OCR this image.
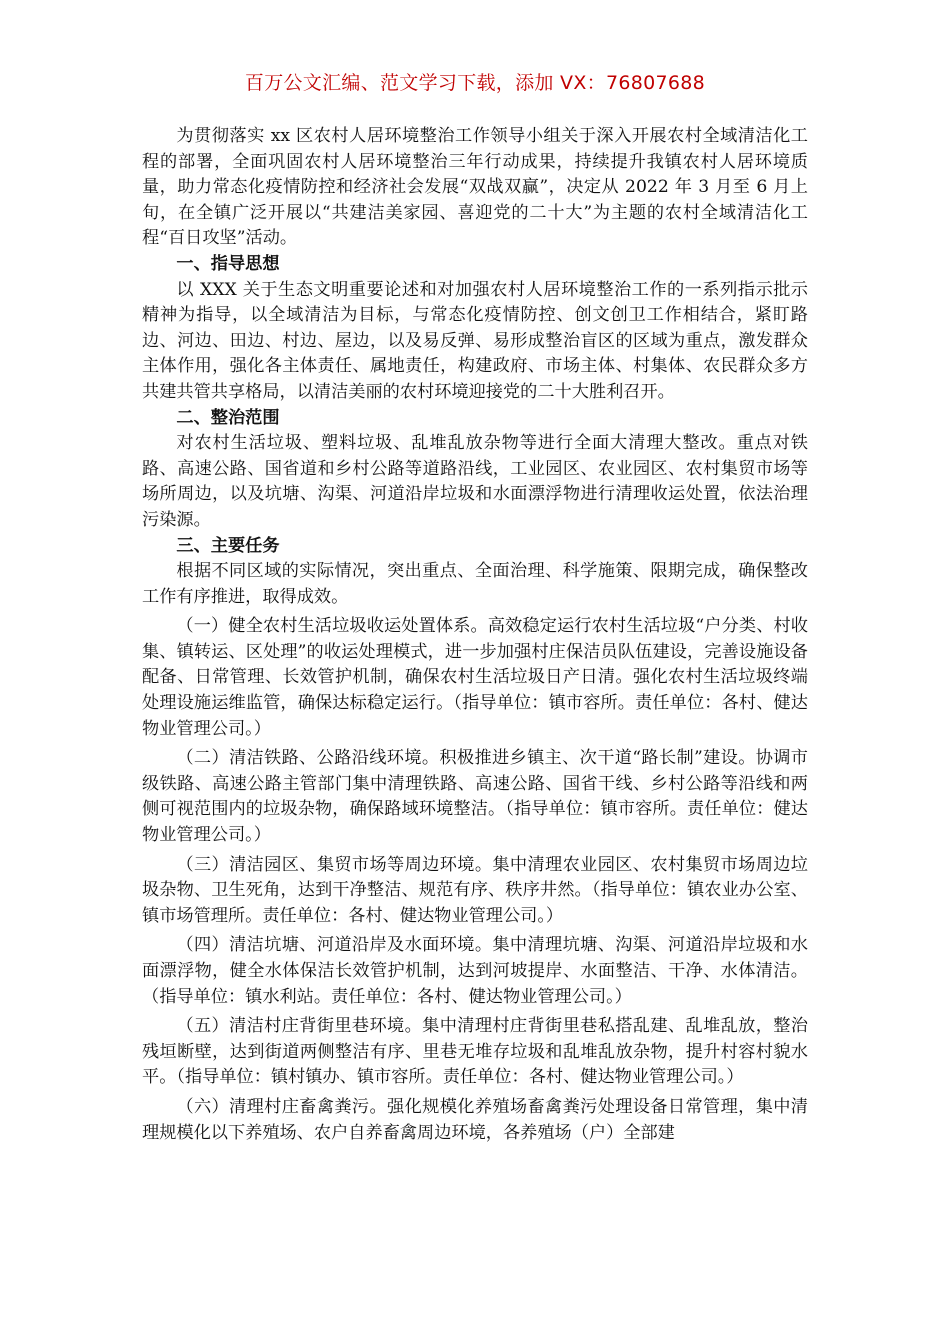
百万公文汇编、范文学习下载，添加 VX：76807688

为贯彻落实 xx 区农村人居环境整治工作领导小组关于深入开展农村全域清洁化工程的部署，全面巩固农村人居环境整治三年行动成果，持续提升我镇农村人居环境质量，助力常态化疫情防控和经济社会发展“双战双赢”，决定从 2022 年 3 月至 6 月上旬，在全镇广泛开展以“共建洁美家园、喜迎党的二十大”为主题的农村全域清洁化工程“百日攻坚”活动。

一、指导思想

以 XXX 关于生态文明重要论述和对加强农村人居环境整治工作的一系列指示批示精神为指导，以全域清洁为目标，与常态化疫情防控、创文创卫工作相结合，紧盯路边、河边、田边、村边、屋边，以及易反弹、易形成整治盲区的区域为重点，激发群众主体作用，强化各主体责任、属地责任，构建政府、市场主体、村集体、农民群众多方共建共管共享格局，以清洁美丽的农村环境迎接党的二十大胜利召开。

二、整治范围

对农村生活垃圾、塑料垃圾、乱堆乱放杂物等进行全面大清理大整改。重点对铁路、高速公路、国省道和乡村公路等道路沿线，工业园区、农业园区、农村集贸市场等场所周边，以及坑塘、沟渠、河道沿岸垃圾和水面漂浮物进行清理收运处置，依法治理污染源。

三、主要任务

根据不同区域的实际情况，突出重点、全面治理、科学施策、限期完成，确保整改工作有序推进，取得成效。

（一）健全农村生活垃圾收运处置体系。高效稳定运行农村生活垃圾“户分类、村收集、镇转运、区处理”的收运处理模式，进一步加强村庄保洁员队伍建设，完善设施设备配备、日常管理、长效管护机制，确保农村生活垃圾日产日清。强化农村生活垃圾终端处理设施运维监管，确保达标稳定运行。（指导单位：镇市容所。责任单位：各村、健达物业管理公司。）

（二）清洁铁路、公路沿线环境。积极推进乡镇主、次干道“路长制”建设。协调市级铁路、高速公路主管部门集中清理铁路、高速公路、国省干线、乡村公路等沿线和两侧可视范围内的垃圾杂物，确保路域环境整洁。（指导单位：镇市容所。责任单位：健达物业管理公司。）

（三）清洁园区、集贸市场等周边环境。集中清理农业园区、农村集贸市场周边垃圾杂物、卫生死角，达到干净整洁、规范有序、秩序井然。（指导单位：镇农业办公室、镇市场管理所。责任单位：各村、健达物业管理公司。）

（四）清洁坑塘、河道沿岸及水面环境。集中清理坑塘、沟渠、河道沿岸垃圾和水面漂浮物，健全水体保洁长效管护机制，达到河坡提岸、水面整洁、干净、水体清洁。（指导单位：镇水利站。责任单位：各村、健达物业管理公司。）

（五）清洁村庄背街里巷环境。集中清理村庄背街里巷私搭乱建、乱堆乱放，整治残垣断壁，达到街道两侧整洁有序、里巷无堆存垃圾和乱堆乱放杂物，提升村容村貌水平。（指导单位：镇村镇办、镇市容所。责任单位：各村、健达物业管理公司。）

（六）清理村庄畜禽粪污。强化规模化养殖场畜禽粪污处理设备日常管理，集中清理规模化以下养殖场、农户自养畜禽周边环境，各养殖场（户）全部建
